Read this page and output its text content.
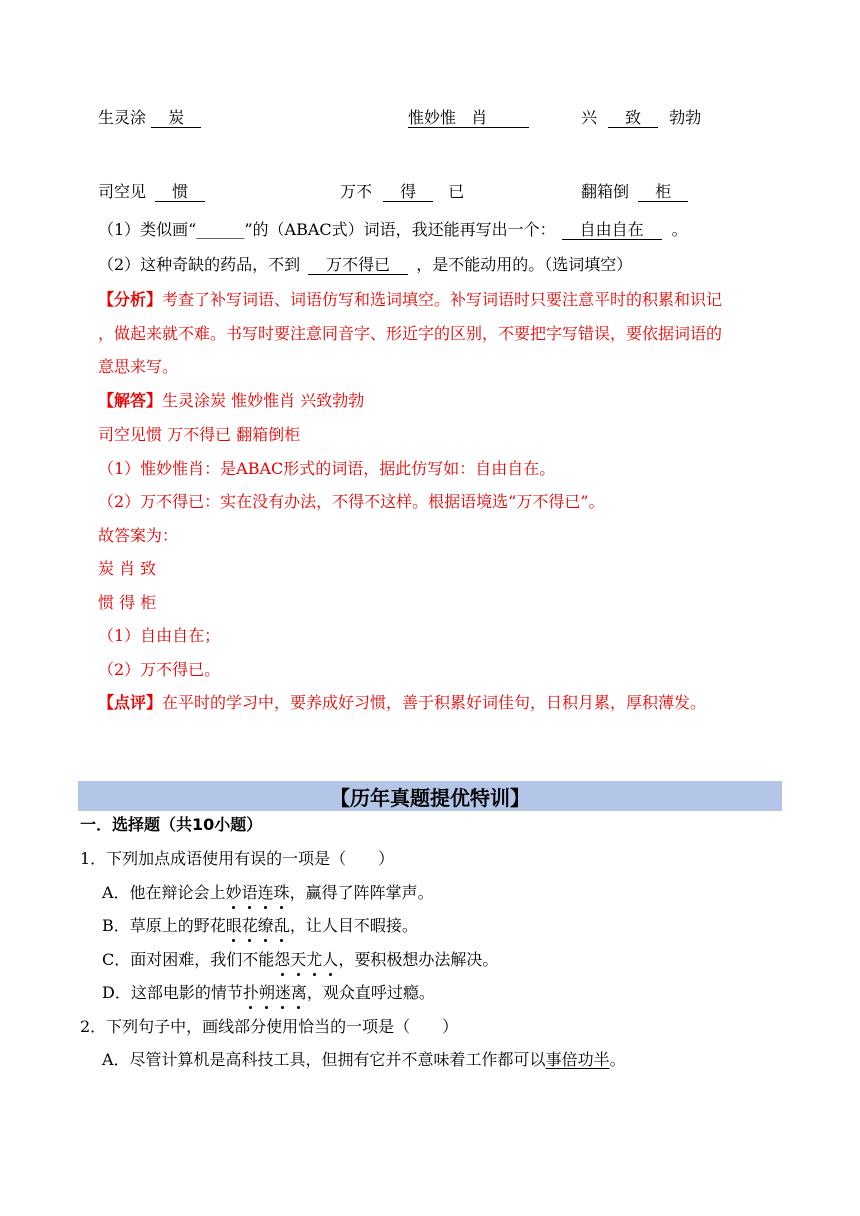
生灵涂 炭	惟妙惟 肖	兴 致 勃勃
司空见 惯	万不 得 已	翻箱倒 柜
（1）类似画“______”的（ABAC式）词语，我还能再写出一个： 自由自在 。
（2）这种奇缺的药品，不到 万不得已 ，是不能动用的。（选词填空）
【分析】考查了补写词语、词语仿写和选词填空。补写词语时只要注意平时的积累和识记
，做起来就不难。书写时要注意同音字、形近字的区别，不要把字写错误，要依据词语的
意思来写。
【解答】生灵涂炭 惟妙惟肖 兴致勃勃
司空见惯 万不得已 翻箱倒柜
（1）惟妙惟肖：是ABAC形式的词语，据此仿写如：自由自在。
（2）万不得已：实在没有办法，不得不这样。根据语境选“万不得已”。
故答案为：
炭 肖 致
惯 得 柜
（1）自由自在；
（2）万不得已。
【点评】在平时的学习中，要养成好习惯，善于积累好词佳句，日积月累，厚积薄发。
【历年真题提优特训】
一．选择题（共10小题）
1．下列加点成语使用有误的一项是（　　）
A．他在辩论会上妙语连珠，赢得了阵阵掌声。
B．草原上的野花眼花缭乱，让人目不暇接。
C．面对困难，我们不能怨天尤人，要积极想办法解决。
D．这部电影的情节扑朔迷离，观众直呼过瘾。
2．下列句子中，画线部分使用恰当的一项是（　　）
A．尽管计算机是高科技工具，但拥有它并不意味着工作都可以事倍功半。
